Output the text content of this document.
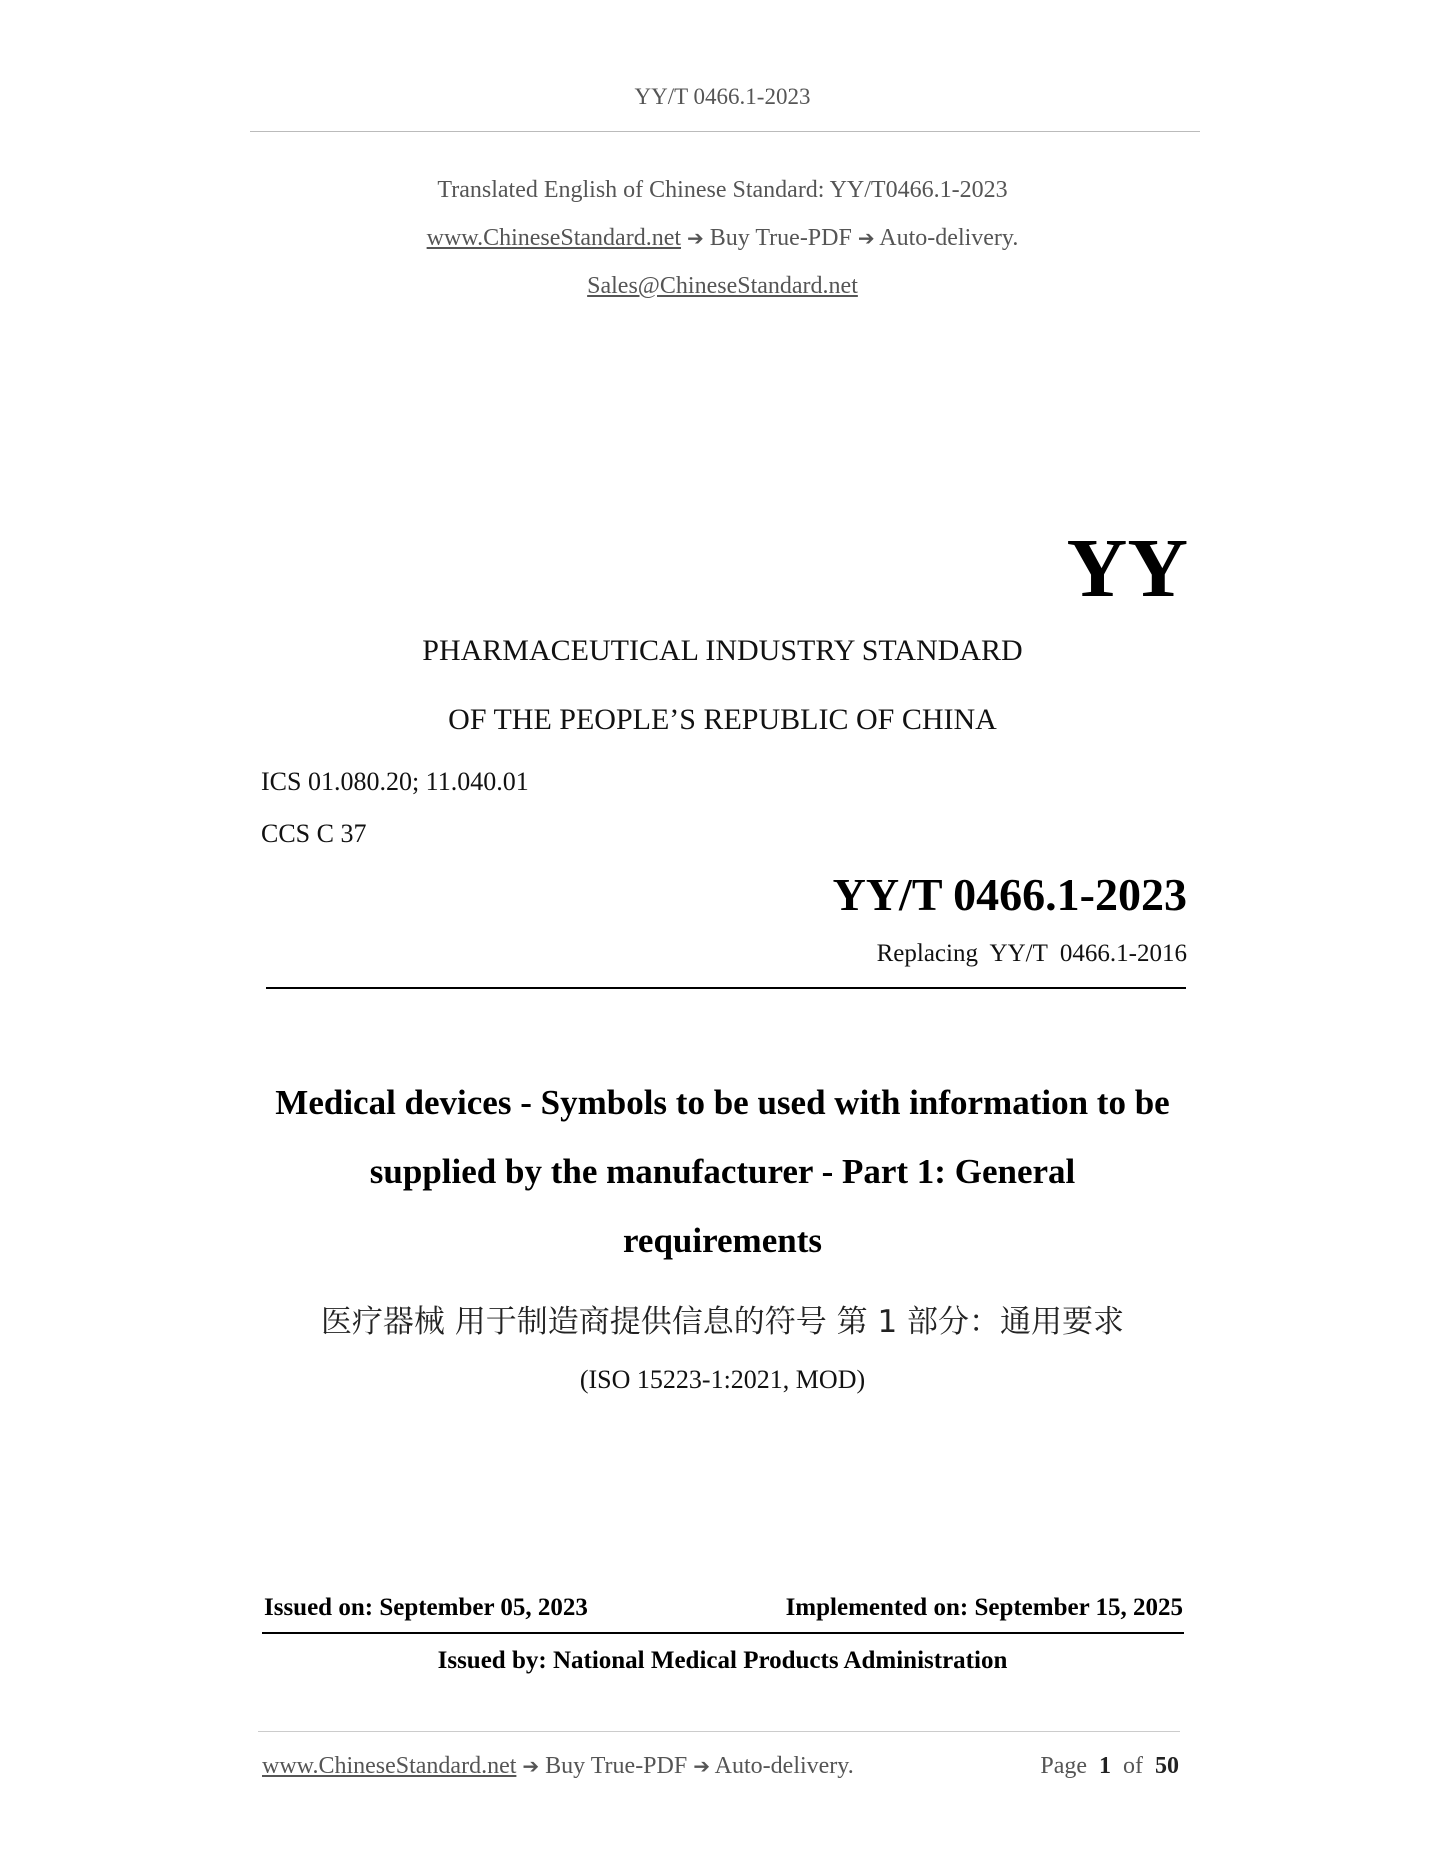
YY/T 0466.1-2023
Translated English of Chinese Standard: YY/T0466.1-2023
www.ChineseStandard.net ➔ Buy True-PDF ➔ Auto-delivery.
Sales@ChineseStandard.net
YY
PHARMACEUTICAL INDUSTRY STANDARD
OF THE PEOPLE’S REPUBLIC OF CHINA
ICS 01.080.20; 11.040.01
CCS C 37
YY/T 0466.1-2023
Replacing  YY/T  0466.1-2016
Medical devices - Symbols to be used with information to be
supplied by the manufacturer - Part 1: General
requirements
医疗器械 用于制造商提供信息的符号 第 1 部分：通用要求
(ISO 15223-1:2021, MOD)
Issued on: September 05, 2023	Implemented on: September 15, 2025
Issued by: National Medical Products Administration
www.ChineseStandard.net ➔ Buy True-PDF ➔ Auto-delivery.	Page 1 of 50
